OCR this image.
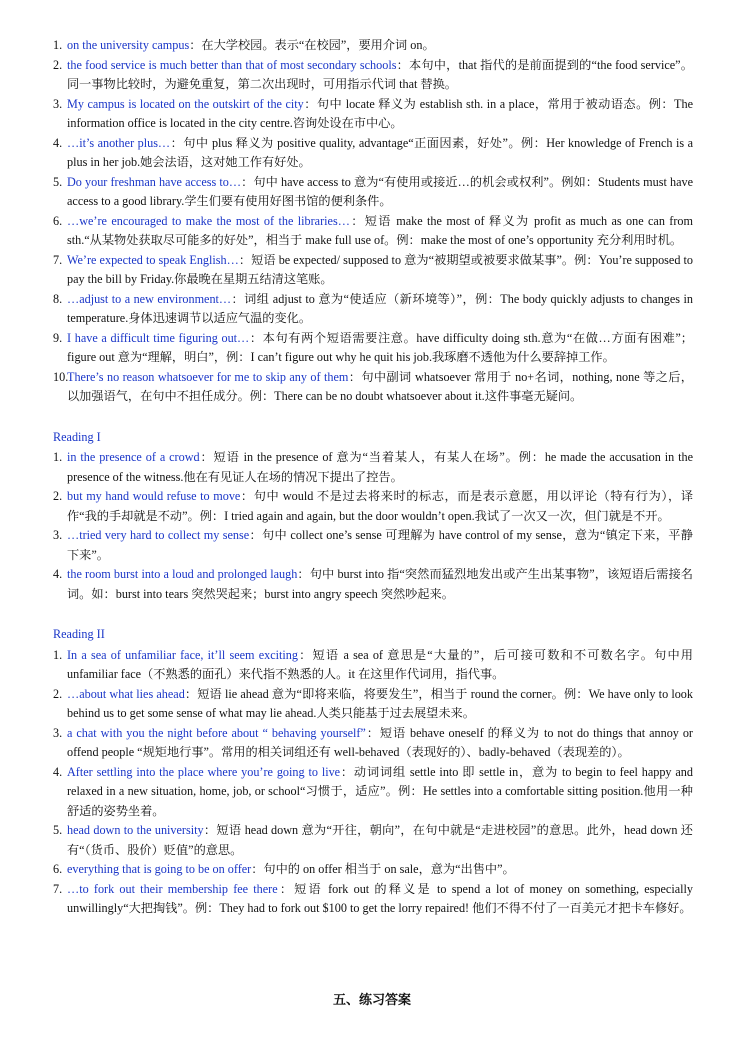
1. on the university campus：在大学校园。表示“在校园”，要用介词 on。
2. the food service is much better than that of most secondary schools：本句中，that 指代的是前面提到的“the food service”。同一事物比较时，为避免重复，第二次出现时，可用指示代词 that 替换。
3. My campus is located on the outskirt of the city：句中 locate 释义为 establish sth. in a place，常用于被动语态。例：The information office is located in the city centre.咨询处设在市中心。
4. …it’s another plus…：句中 plus 释义为 positive quality, advantage“正面因素，好处”。例：Her knowledge of French is a plus in her job.她会法语，这对她工作有好处。
5. Do your freshman have access to…：句中 have access to 意为“有使用或接近…的机会或权利”。例如：Students must have access to a good library.学生们要有使用好图书馆的便利条件。
6. …we’re encouraged to make the most of the libraries…：短语 make the most of 释义为 profit as much as one can from sth.“从某物处获取尽可能多的好处”，相当于 make full use of。例：make the most of one’s opportunity 充分利用时机。
7. We’re expected to speak English…：短语 be expected/ supposed to 意为“被期望或被要求做某事”。例：You’re supposed to pay the bill by Friday.你最晚在星期五结清这笔账。
8. …adjust to a new environment…：词组 adjust to 意为“使适应（新环境等）”，例：The body quickly adjusts to changes in temperature.身体迅速调节以适应气温的变化。
9. I have a difficult time figuring out…：本句有两个短语需要注意。have difficulty doing sth.意为“在做…方面有困难”；figure out 意为“理解，明白”，例：I can’t figure out why he quit his job.我琢磨不透他为什么要辞掉工作。
10.
There’s no reason whatsoever for me to skip any of them：句中副词 whatsoever 常用于 no+名词，nothing, none 等之后，以加强语气，在句中不担任成分。例：There can be no doubt whatsoever about it.这件事毫无疑问。
Reading I
1. in the presence of a crowd：短语 in the presence of 意为“当着某人，有某人在场”。例：he made the accusation in the presence of the witness.他在有见证人在场的情况下提出了控告。
2. but my hand would refuse to move：句中 would 不是过去将来时的标志，而是表示意愿，用以评论（特有行为），译作“我的手却就是不动”。例：I tried again and again, but the door wouldn’t open.我试了一次又一次，但门就是不开。
3. …tried very hard to collect my sense：句中 collect one’s sense 可理解为 have control of my sense，意为“镇定下来，平静下来”。
4. the room burst into a loud and prolonged laugh：句中 burst into 指“突然而猛烈地发出或产生出某事物”，该短语后需接名词。如：burst into tears 突然哭起来；burst into angry speech 突然吵起来。
Reading II
1. In a sea of unfamiliar face, it’ll seem exciting：短语 a sea of 意思是“大量的”，后可接可数和不可数名字。句中用 unfamiliar face（不熟悉的面孔）来代指不熟悉的人。it 在这里作代词用，指代事。
2. …about what lies ahead：短语 lie ahead 意为“即将来临，将要发生”，相当于 round the corner。例：We have only to look behind us to get some sense of what may lie ahead.人类只能基于过去展望未来。
3. a chat with you the night before about “ behaving yourself”：短语 behave oneself 的释义为 to not do things that annoy or offend people “规矩地行事”。常用的相关词组还有 well-behaved（表现好的）、badly-behaved（表现差的）。
4. After settling into the place where you’re going to live：动词词组 settle into 即 settle in，意为 to begin to feel happy and relaxed in a new situation, home, job, or school“习惯于，适应”。例：He settles into a comfortable sitting position.他用一种舒适的姿势坐着。
5. head down to the university：短语 head down 意为“开往，朝向”，在句中就是“走进校园”的意思。此外，head down 还有“（货币、股价）贬值”的意思。
6. everything that is going to be on offer：句中的 on offer 相当于 on sale，意为“出售中”。
7. …to fork out their membership fee there：短语 fork out 的释义是 to spend a lot of money on something, especially unwillingly“大把掏钱”。例：They had to fork out $100 to get the lorry repaired! 他们不得不付了一百美元才把卡车修好。
五、练习答案
